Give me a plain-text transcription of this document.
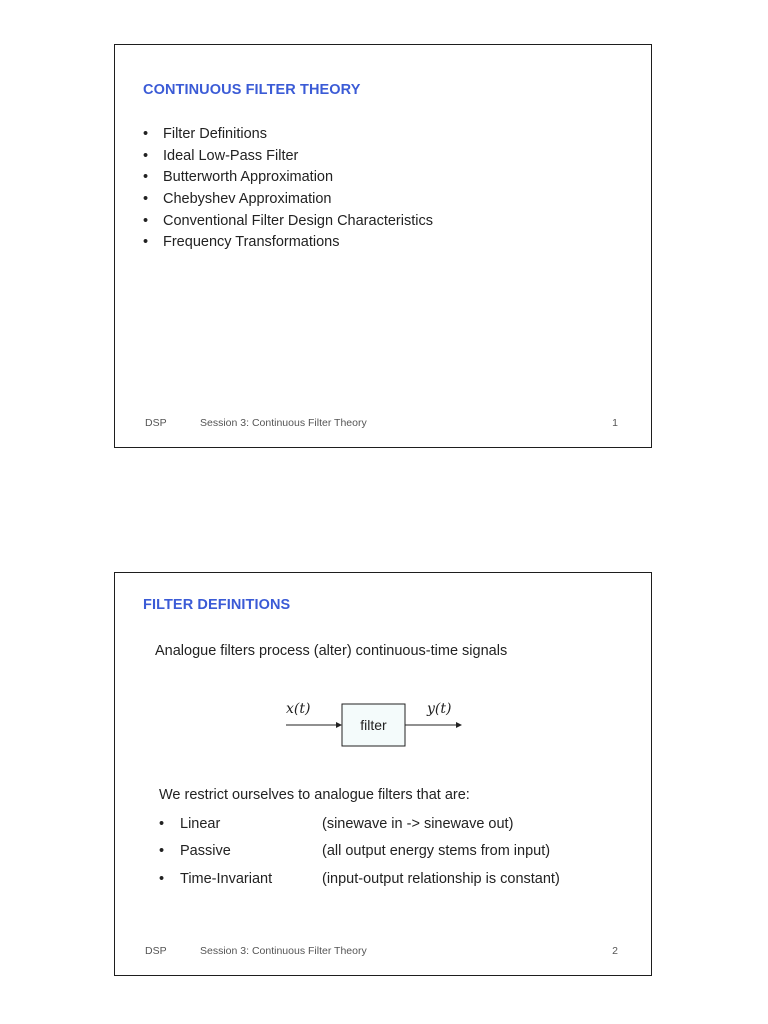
CONTINUOUS FILTER THEORY
• Filter Definitions
• Ideal Low-Pass Filter
• Butterworth Approximation
• Chebyshev Approximation
• Conventional Filter Design Characteristics
• Frequency Transformations
DSP	Session 3: Continuous Filter Theory	1
FILTER DEFINITIONS
Analogue filters process (alter) continuous-time signals
x(t)
filter
y(t)
We restrict ourselves to analogue filters that are:
• Linear	(sinewave in -> sinewave out)
• Passive	(all output energy stems from input)
• Time-Invariant	(input-output relationship is constant)
DSP	Session 3: Continuous Filter Theory	2
